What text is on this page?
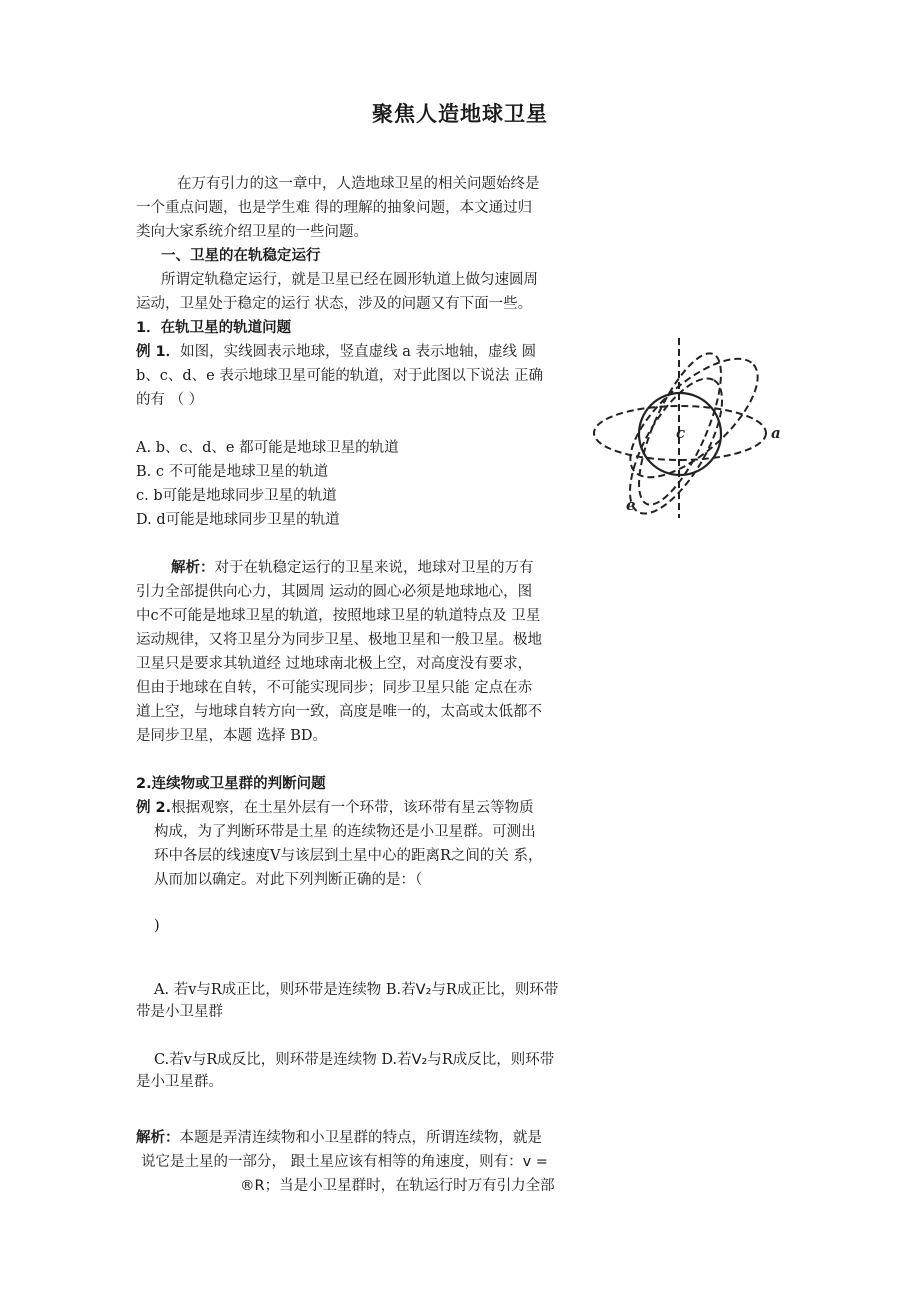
聚焦人造地球卫星
在万有引力的这一章中，人造地球卫星的相关问题始终是
一个重点问题，也是学生难 得的理解的抽象问题，本文通过归
类向大家系统介绍卫星的一些问题。
一、卫星的在轨稳定运行
所谓定轨稳定运行，就是卫星已经在圆形轨道上做匀速圆周
运动，卫星处于稳定的运行 状态，涉及的问题又有下面一些。
1．在轨卫星的轨道问题
例 1．如图，实线圆表示地球，竖直虚线 a 表示地轴，虚线 圆
b、c、d、e 表示地球卫星可能的轨道，对于此图以下说法 正确
的有 （ ）
A. b、c、d、e 都可能是地球卫星的轨道
B. c 不可能是地球卫星的轨道
c. b可能是地球同步卫星的轨道
D. d可能是地球同步卫星的轨道
解析：对于在轨稳定运行的卫星来说，地球对卫星的万有
引力全部提供向心力，其圆周 运动的圆心必须是地球地心，图
中c不可能是地球卫星的轨道，按照地球卫星的轨道特点及 卫星
运动规律，又将卫星分为同步卫星、极地卫星和一般卫星。极地
卫星只是要求其轨道经 过地球南北极上空，对高度没有要求，
但由于地球在自转，不可能实现同步；同步卫星只能 定点在赤
道上空，与地球自转方向一致，高度是唯一的，太高或太低都不
是同步卫星，本题 选择 BD。
c	a
e
2.连续物或卫星群的判断问题
例 2.根据观察，在土星外层有一个环带，该环带有星云等物质
构成，为了判断环带是土星 的连续物还是小卫星群。可测出
环中各层的线速度V与该层到土星中心的距离R之间的关 系，
从而加以确定。对此下列判断正确的是：（
)
A. 若v与R成正比，则环带是连续物 B.若V₂与R成正比，则环带
带是小卫星群
C.若v与R成反比，则环带是连续物 D.若V₂与R成反比，则环带
是小卫星群。
解析：本题是弄清连续物和小卫星群的特点，所谓连续物，就是
说它是土星的一部分， 跟土星应该有相等的角速度，则有：v =
®R；当是小卫星群时，在轨运行时万有引力全部
